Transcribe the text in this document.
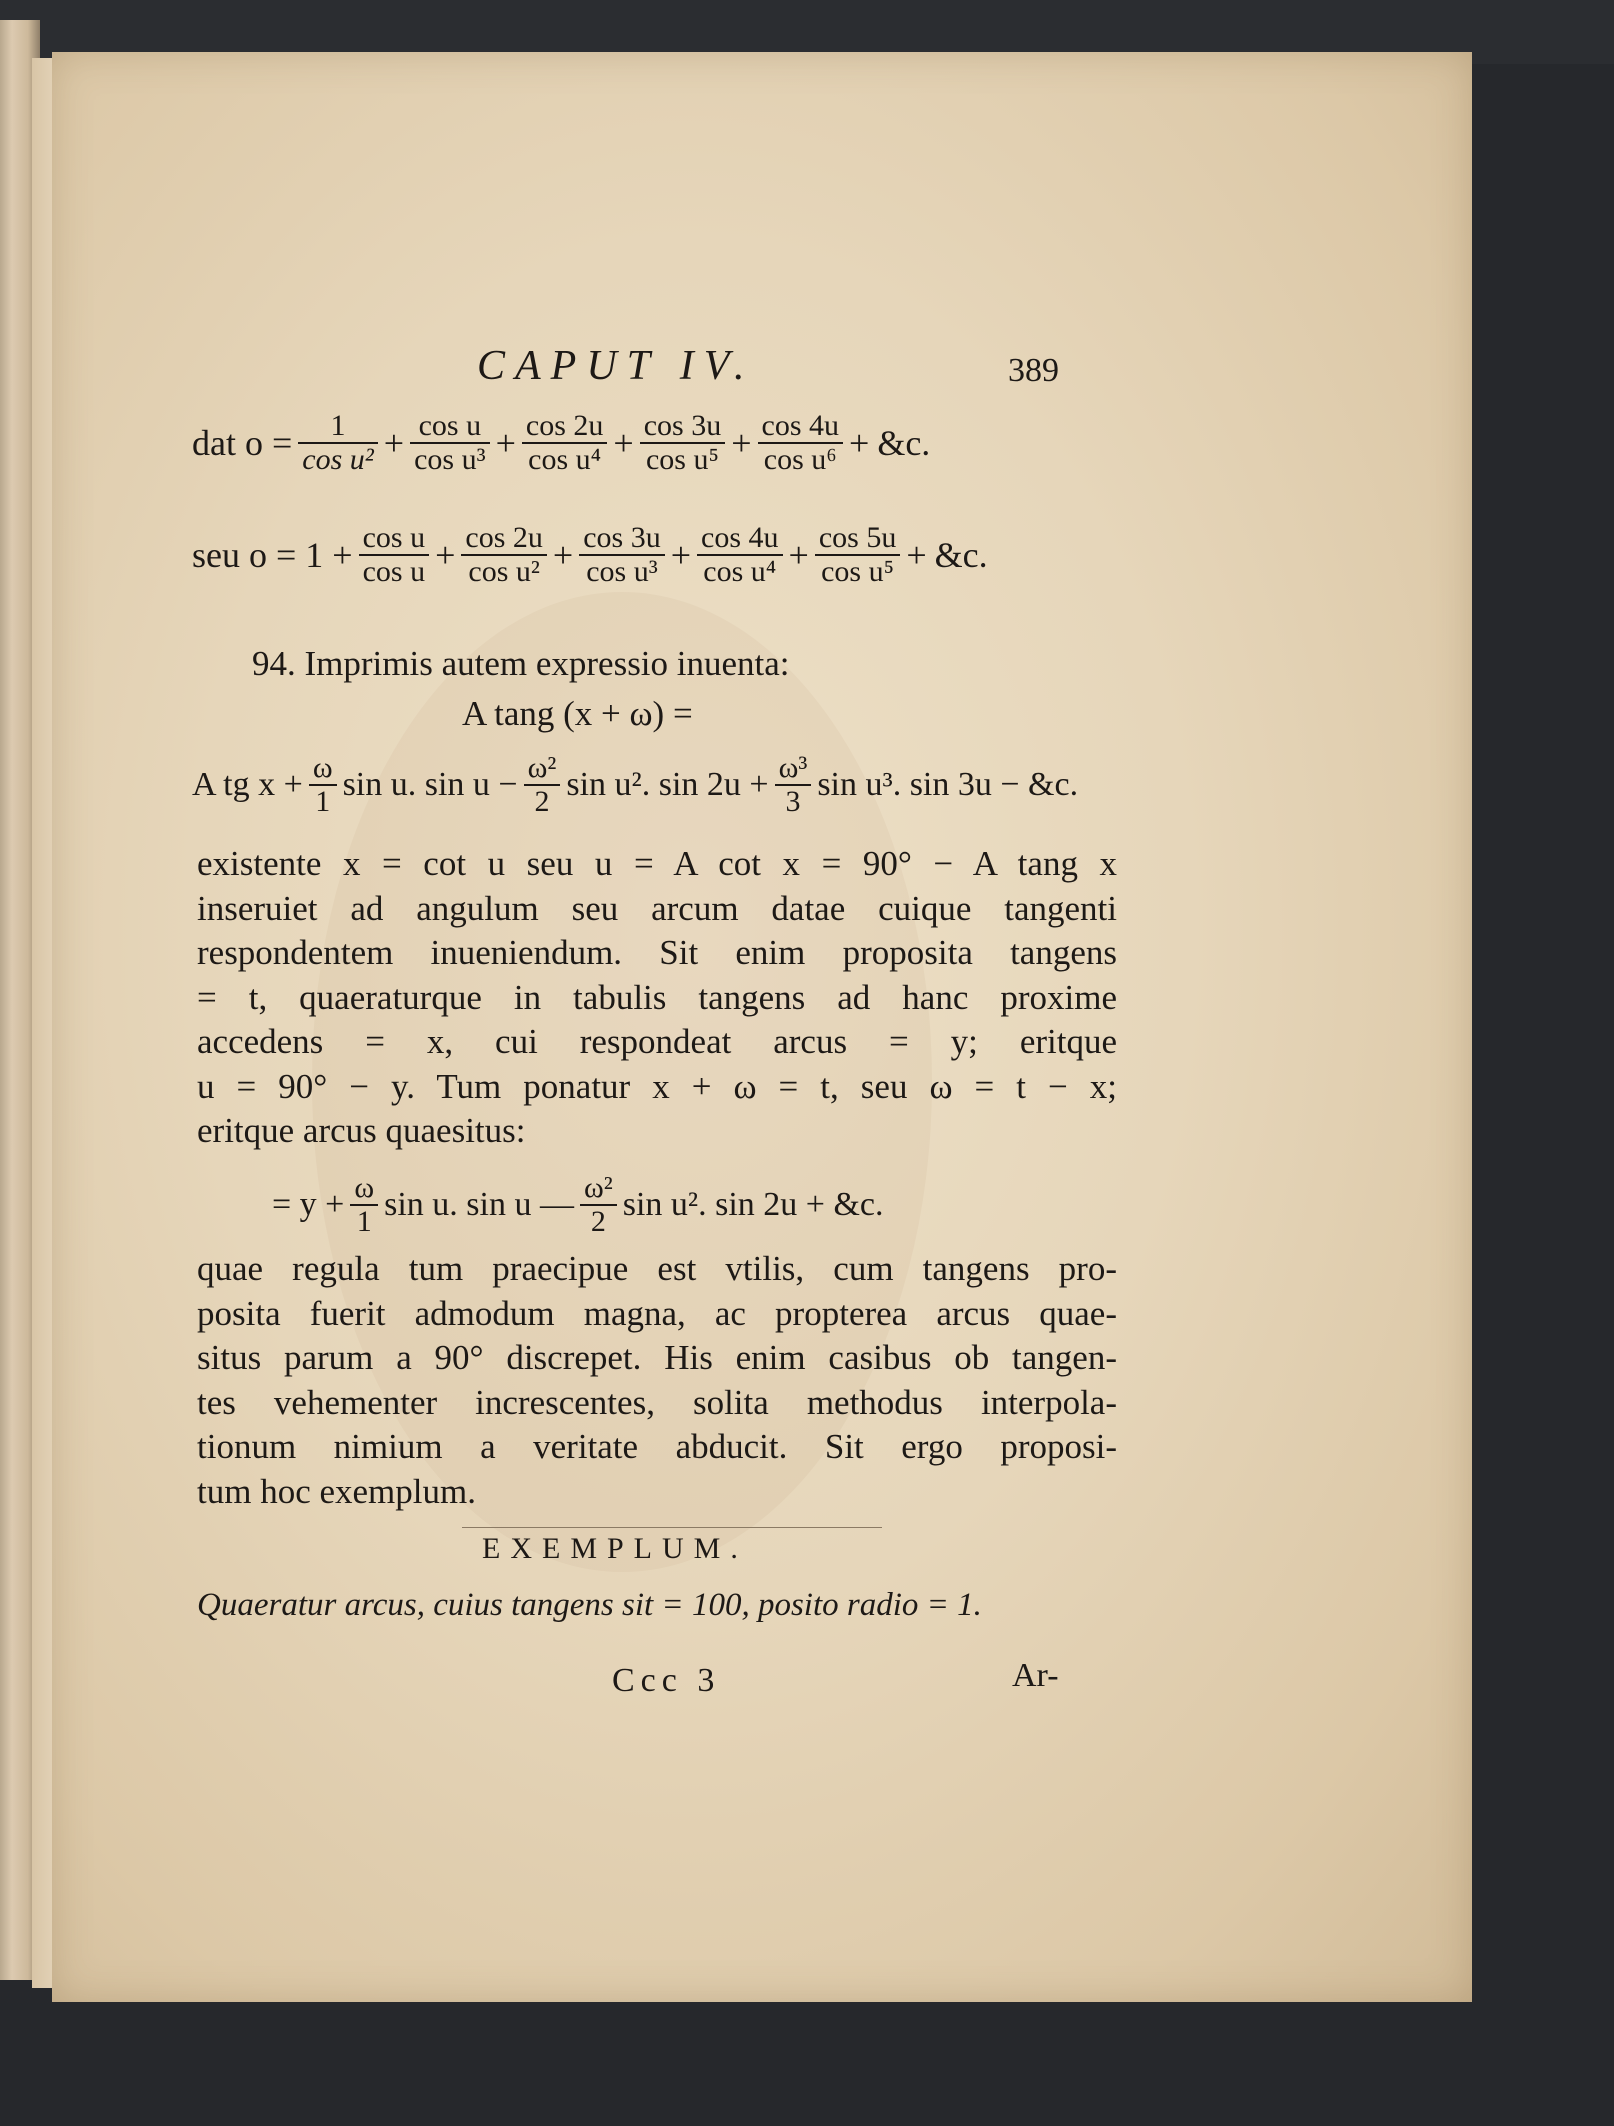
CAPUT IV.	389
dat $o = \frac{1}{\text{cos u²}} + \frac{\text{cos u}}{\text{cos u³}} + \frac{\cos 2u}{\text{cos u⁴}} + \frac{\cos 3u}{\text{cos u⁵}} + \frac{\cos 4u}{\text{cos u⁶}}$ + &c.
seu $o = 1 + \frac{\text{cos u}}{\text{cos u}} + \frac{\cos 2u}{\text{cos u²}} + \frac{\cos 3u}{\text{cos u³}} + \frac{\cos 4u}{\text{cos u⁴}} + \frac{\cos 5u}{\text{cos u⁵}}$ + &c.
94. Imprimis autem expressio inuenta:
A tang (x + ω) =
A tg $x + \frac{\omega}{1}$ sin u. $\sin u - \frac{\text{ω²}}{2}$ sin u². $\sin 2u + \frac{\text{ω³}}{3}$ sin u³. sin 3u − &c.
existente x = cot u seu u = A cot x = 90° − A tang x
inseruiet ad angulum seu arcum datae cuique tangenti
respondentem inueniendum. Sit enim proposita tangens
= t, quaeraturque in tabulis tangens ad hanc proxime
accedens = x, cui respondeat arcus = y; eritque
u = 90° − y. Tum ponatur x + ω = t, seu ω = t − x;
eritque arcus quaesitus:
= $y + \frac{\omega}{1}$ sin u. sin u — $\frac{\text{ω²}}{2}$ sin u². sin 2u + &c.
quae regula tum praecipue est vtilis, cum tangens pro-
posita fuerit admodum magna, ac propterea arcus quae-
situs parum a 90° discrepet. His enim casibus ob tangen-
tes vehementer increscentes, solita methodus interpola-
tionum nimium a veritate abducit. Sit ergo proposi-
tum hoc exemplum.
EXEMPLUM.
Quaeratur arcus, cuius tangens sit = 100, posito radio = 1.
Ccc 3	Ar-
